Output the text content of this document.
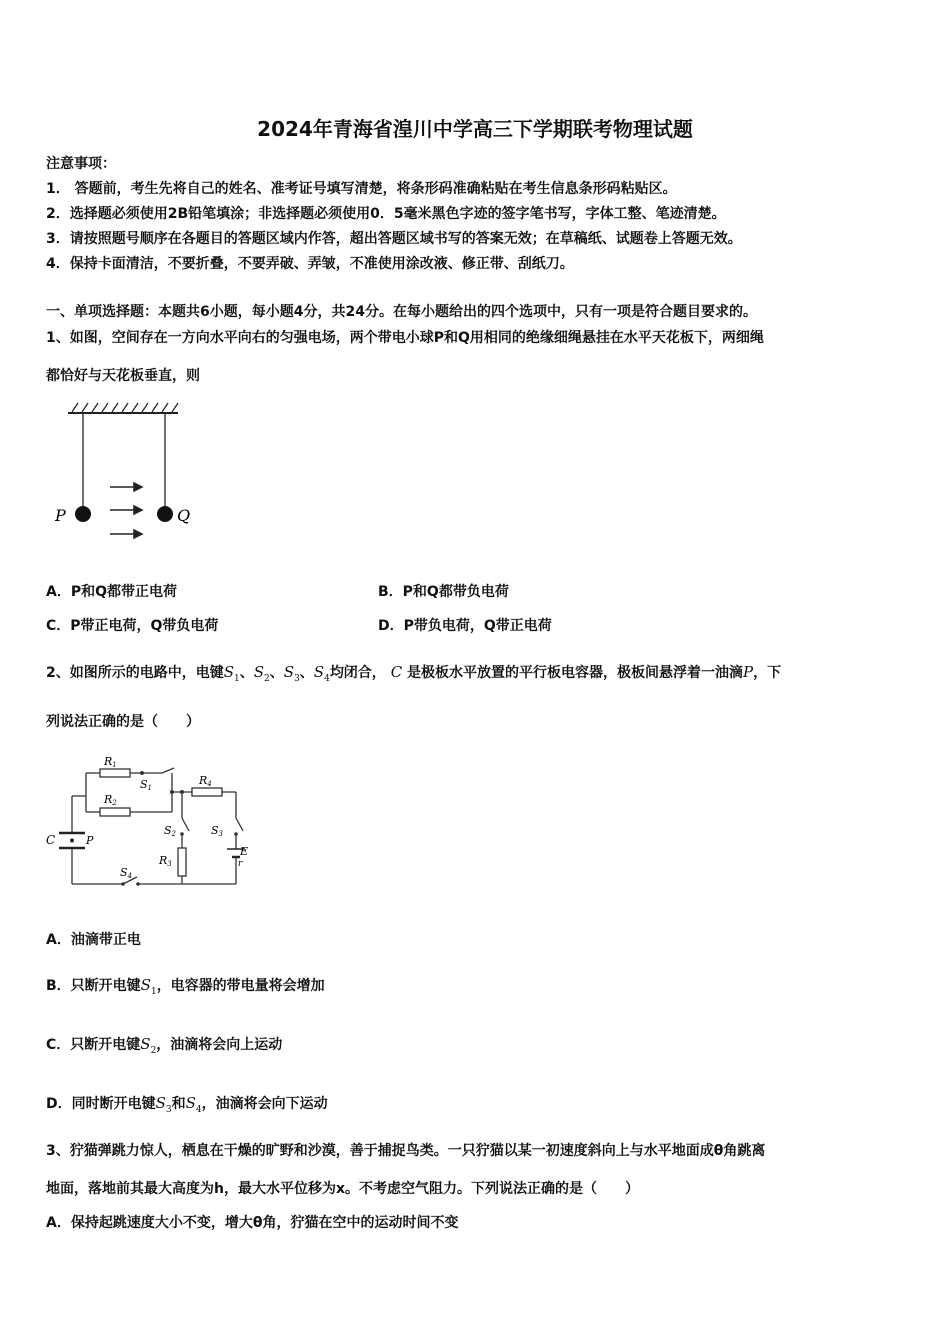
2024年青海省湟川中学高三下学期联考物理试题
注意事项：
1． 答题前，考生先将自己的姓名、准考证号填写清楚，将条形码准确粘贴在考生信息条形码粘贴区。
2．选择题必须使用2B铅笔填涂；非选择题必须使用0．5毫米黑色字迹的签字笔书写，字体工整、笔迹清楚。
3．请按照题号顺序在各题目的答题区域内作答，超出答题区域书写的答案无效；在草稿纸、试题卷上答题无效。
4．保持卡面清洁，不要折叠，不要弄破、弄皱，不准使用涂改液、修正带、刮纸刀。
一、单项选择题：本题共6小题，每小题4分，共24分。在每小题给出的四个选项中，只有一项是符合题目要求的。
1、如图，空间存在一方向水平向右的匀强电场，两个带电小球P和Q用相同的绝缘细绳悬挂在水平天花板下，两细绳
都恰好与天花板垂直，则
P	Q
A．P和Q都带正电荷	B．P和Q都带负电荷
C．P带正电荷，Q带负电荷	D．P带负电荷，Q带正电荷
2、如图所示的电路中，电键$S_1$、$S_2$、$S_3$、$S_4$均闭合， C 是极板水平放置的平行板电容器，极板间悬浮着一油滴P，下
列说法正确的是（　　）
R1
R2
R4
R3
S1
S2	S3
S4
C	P
E
r
A．油滴带正电
B．只断开电键$S_1$，电容器的带电量将会增加
C．只断开电键$S_2$，油滴将会向上运动
D．同时断开电键$S_3$和$S_4$，油滴将会向下运动
3、狞猫弹跳力惊人，栖息在干燥的旷野和沙漠，善于捕捉鸟类。一只狞猫以某一初速度斜向上与水平地面成θ角跳离
地面，落地前其最大高度为h，最大水平位移为x。不考虑空气阻力。下列说法正确的是（　　）
A．保持起跳速度大小不变，增大θ角，狞猫在空中的运动时间不变
